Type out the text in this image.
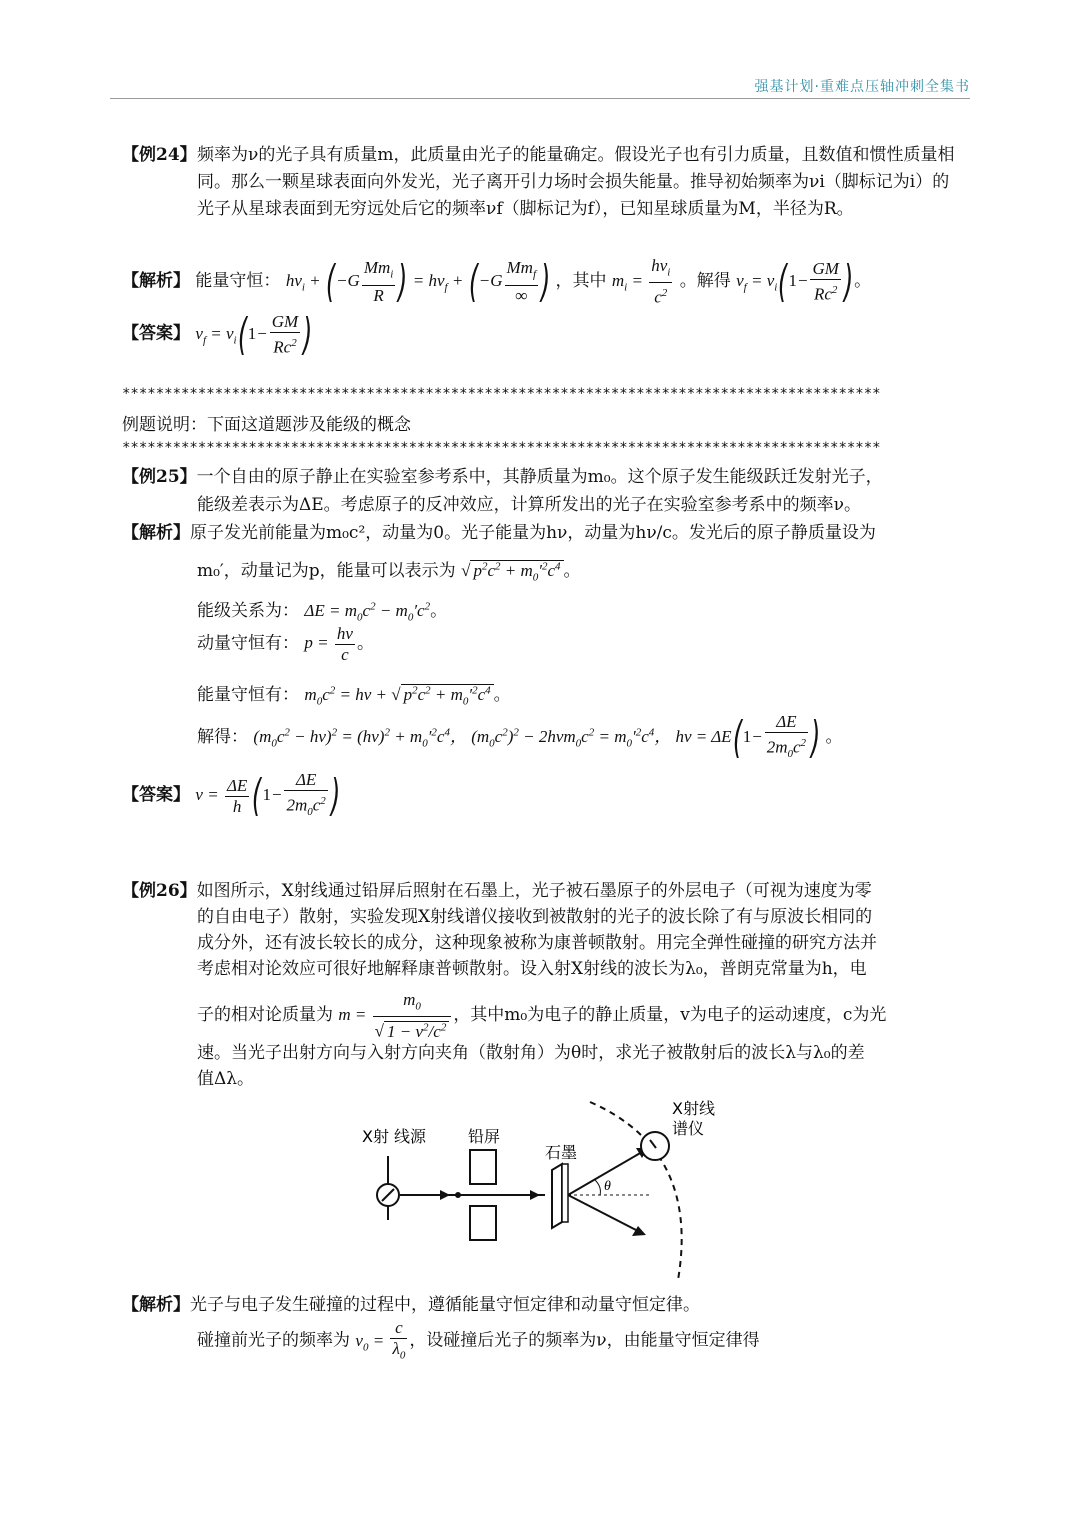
强基计划·重难点压轴冲刺全集书
【例24】 频率为ν的光子具有质量m，此质量由光子的能量确定。假设光子也有引力质量，且数值和惯性质量相同。那么一颗星球表面向外发光，光子离开引力场时会损失能量。推导初始频率为νi（脚标记为i）的光子从星球表面到无穷远处后它的频率νf（脚标记为f），已知星球质量为M，半径为R。
【解析】 能量守恒： $h\nu_i + (-G \frac{Mm_i}{R}$ ) = $h\nu_f + (-G \frac{Mm_f}{\infty}$ ) ，其中 $m_i = \frac{h\nu_i}{c^2}$ 。解得 $\nu_f = \nu_i(1- \frac{GM}{Rc^2}$ )。
【答案】 $\nu_f = \nu_i(1- \frac{GM}{Rc^2}$ )
******************************************************************************************
例题说明：下面这道题涉及能级的概念
******************************************************************************************
【例25】一个自由的原子静止在实验室参考系中，其静质量为m₀。这个原子发生能级跃迁发射光子，
能级差表示为ΔE。考虑原子的反冲效应，计算所发出的光子在实验室参考系中的频率ν。
【解析】原子发光前能量为m₀c²，动量为0。光子能量为hν，动量为hν/c。发光后的原子静质量设为
m₀′，动量记为p，能量可以表示为 √ $p^2c^2 + m_0'^2c^4$ 。
能级关系为： $\Delta E = m_0c^2 - m_0'c^2$。
动量守恒有： $p = \frac{h\nu}{c}$ 。
能量守恒有： $m_0c^2 = h\nu$ + √ $p^2c^2 + m_0'^2c^4$ 。
解得： $(m_0c^2 - h\nu)^2 = (h\nu)^2 + m_0'^2c^4$， $(m_0c^2)^2 - 2h\nu m_0c^2 = m_0'^2c^4$， $h\nu = \Delta E(1- \frac{\Delta E}{2m_0c^2}$ ) 。
【答案】 $\nu = \frac{\Delta E}{h} (1- \frac{\Delta E}{2m_0c^2}$ )
【例26】如图所示，X射线通过铅屏后照射在石墨上，光子被石墨原子的外层电子（可视为速度为零
的自由电子）散射，实验发现X射线谱仪接收到被散射的光子的波长除了有与原波长相同的
成分外，还有波长较长的成分，这种现象被称为康普顿散射。用完全弹性碰撞的研究方法并
考虑相对论效应可很好地解释康普顿散射。设入射X射线的波长为λ₀，普朗克常量为h，电
子的相对论质量为 $m = \frac{m_0}{√ 1 - v^2/c^2}$ ，其中m₀为电子的静止质量，v为电子的运动速度，c为光
速。当光子出射方向与入射方向夹角（散射角）为θ时，求光子被散射后的波长λ与λ₀的差
值Δλ。
X射 线源	铅屏
石墨
X射线
谱仪
θ
【解析】光子与电子发生碰撞的过程中，遵循能量守恒定律和动量守恒定律。
碰撞前光子的频率为 $\nu_0 = \frac{c}{\lambda_0}$ ，设碰撞后光子的频率为ν，由能量守恒定律得
